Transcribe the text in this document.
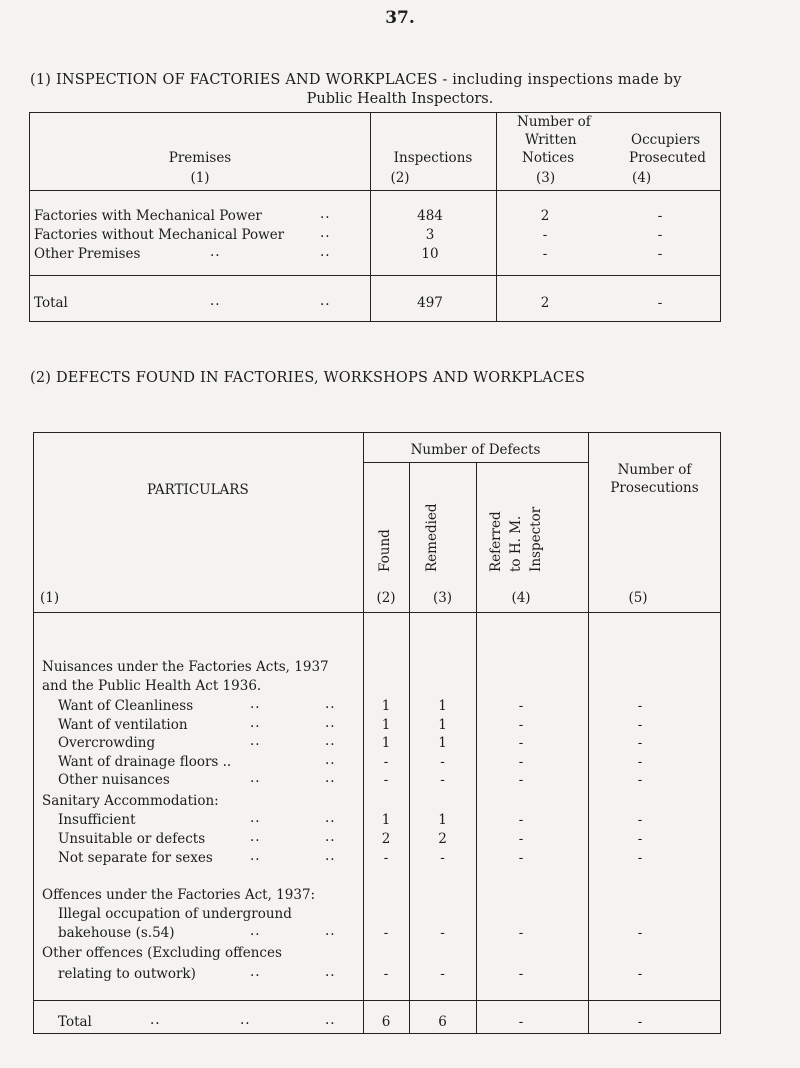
37.
(1) INSPECTION OF FACTORIES AND WORKPLACES - including inspections made by
Public Health Inspectors.
Premises
(1)
Inspections
(2)
Number of
Written
Notices
(3)
Occupiers
Prosecuted
(4)
Factories with Mechanical Power	..	484	2	-
Factories without Mechanical Power	..	3	-	-
Other Premises	..	..	10	-	-
Total	..	..	497	2	-
(2) DEFECTS FOUND IN FACTORIES, WORKSHOPS AND WORKPLACES
PARTICULARS
(1)
Number of Defects
Number of
Prosecutions
Found Remedied	Referred to H. M. Inspector
(2)	(3)	(4)	(5)
Nuisances under the Factories Acts, 1937
and the Public Health Act 1936.
Want of Cleanliness	..	..	1	1	-	-
Want of ventilation	..	..	1	1	-	-
Overcrowding	..	..	1	1	-	-
Want of drainage floors ..	..	-	-	-	-
Other nuisances	..	..	-	-	-	-
Sanitary Accommodation:
Insufficient	..	..	1	1	-	-
Unsuitable or defects	..	..	2	2	-	-
Not separate for sexes	..	..	-	-	-	-
Offences under the Factories Act, 1937:
Illegal occupation of underground
bakehouse (s.54)	..	..	-	-	-	-
Other offences (Excluding offences
relating to outwork)	..	..	-	-	-	-
Total	..	..	..	6	6	-	-
